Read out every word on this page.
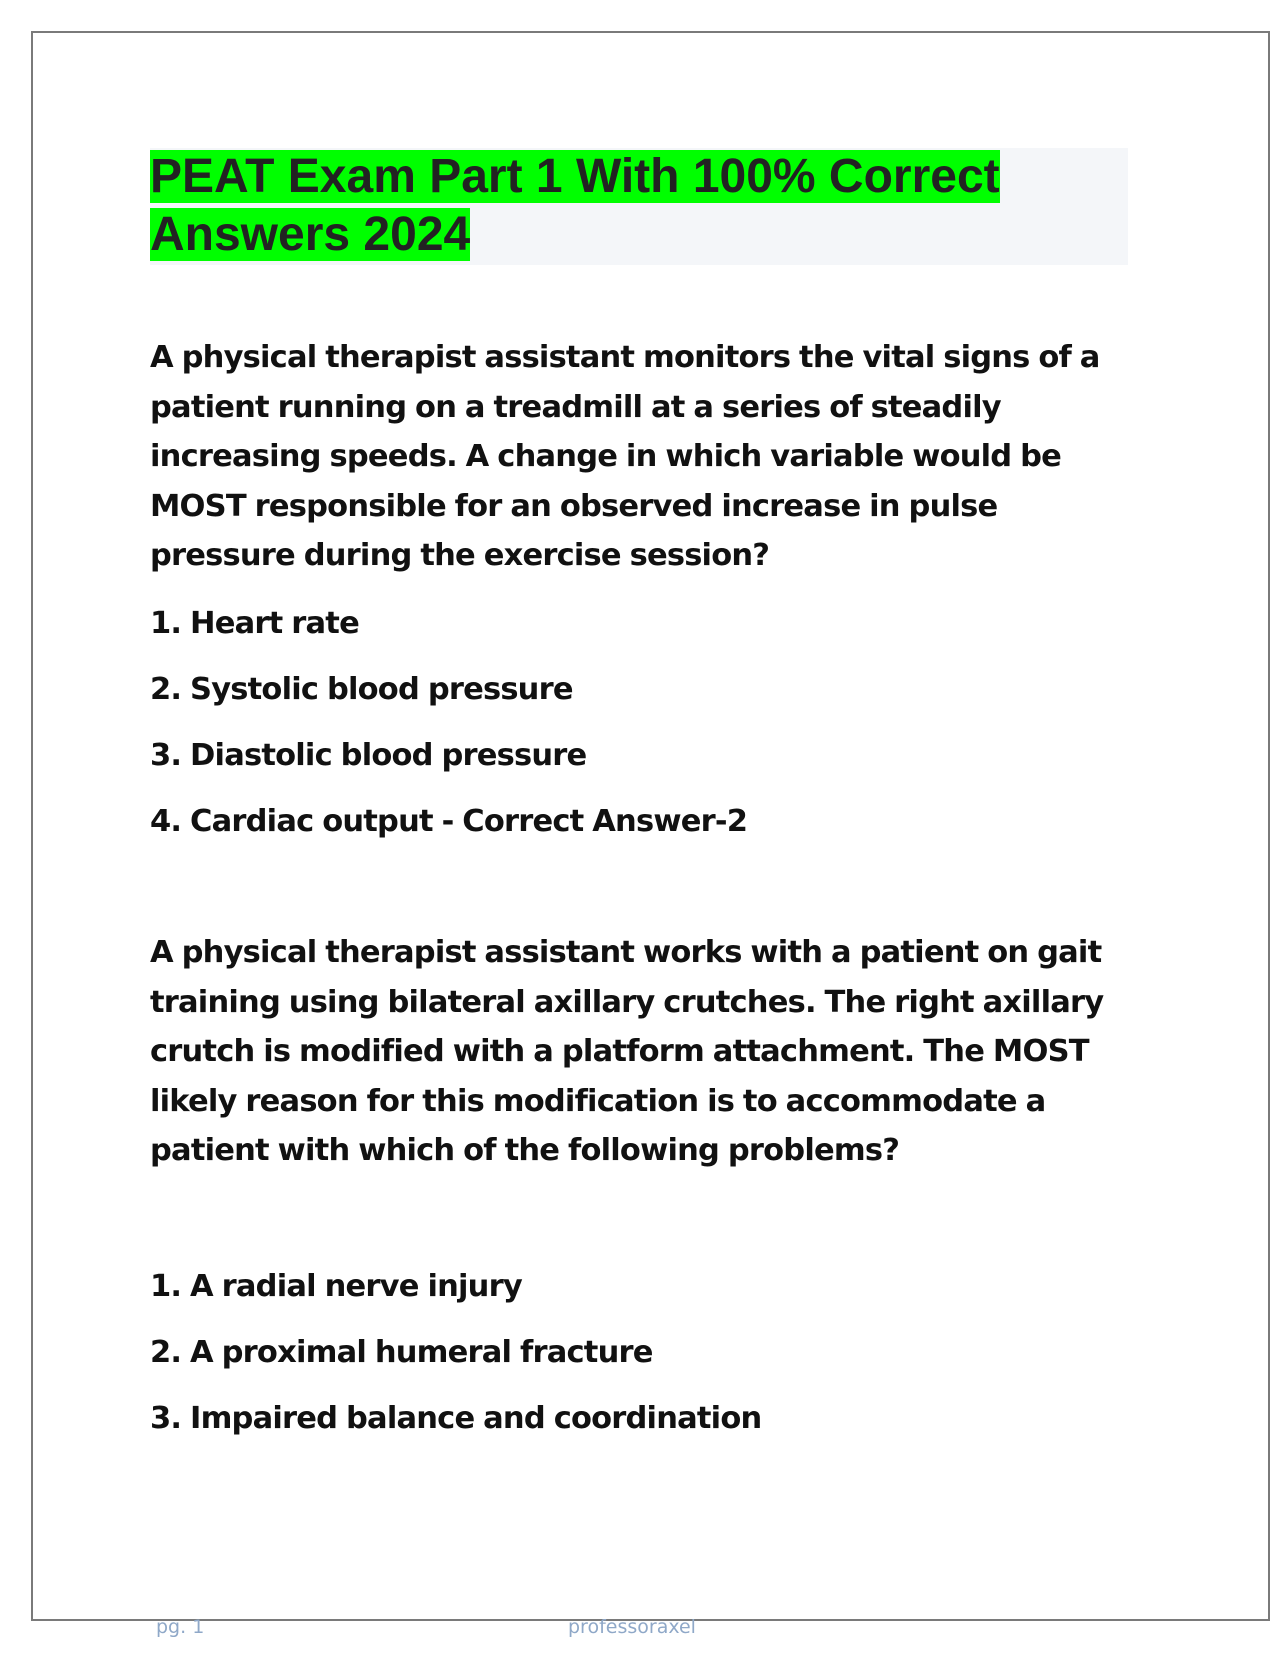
PEAT Exam Part 1 With 100% Correct Answers 2024

A physical therapist assistant monitors the vital signs of a patient running on a treadmill at a series of steadily increasing speeds. A change in which variable would be MOST responsible for an observed increase in pulse pressure during the exercise session?

1. Heart rate

2. Systolic blood pressure

3. Diastolic blood pressure

4. Cardiac output - Correct Answer-2

A physical therapist assistant works with a patient on gait training using bilateral axillary crutches. The right axillary crutch is modified with a platform attachment. The MOST likely reason for this modification is to accommodate a patient with which of the following problems?

1. A radial nerve injury

2. A proximal humeral fracture

3. Impaired balance and coordination

pg. 1	professoraxel
